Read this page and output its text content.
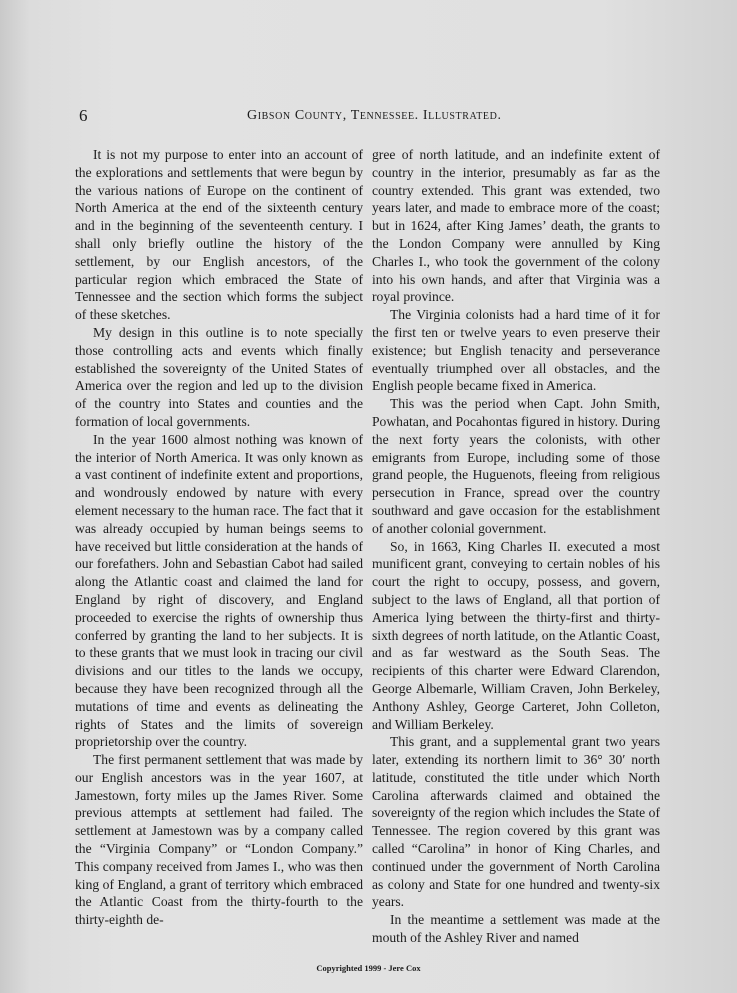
6	Gibson County, Tennessee. Illustrated.

It is not my purpose to enter into an account of the explorations and settlements that were begun by the various nations of Europe on the continent of North America at the end of the sixteenth century and in the beginning of the seventeenth century. I shall only briefly outline the history of the settlement, by our English ancestors, of the particular region which embraced the State of Tennessee and the section which forms the subject of these sketches.

My design in this outline is to note specially those controlling acts and events which finally established the sovereignty of the United States of America over the region and led up to the division of the country into States and counties and the formation of local governments.

In the year 1600 almost nothing was known of the interior of North America. It was only known as a vast continent of indefinite extent and proportions, and wondrously endowed by nature with every element necessary to the human race. The fact that it was already occupied by human beings seems to have received but little consideration at the hands of our forefathers. John and Sebastian Cabot had sailed along the Atlantic coast and claimed the land for England by right of discovery, and England proceeded to exercise the rights of ownership thus conferred by granting the land to her subjects. It is to these grants that we must look in tracing our civil divisions and our titles to the lands we occupy, because they have been recognized through all the mutations of time and events as delineating the rights of States and the limits of sovereign proprietorship over the country.

The first permanent settlement that was made by our English ancestors was in the year 1607, at Jamestown, forty miles up the James River. Some previous attempts at settlement had failed. The settlement at Jamestown was by a company called the “Virginia Company” or “London Company.” This company received from James I., who was then king of England, a grant of territory which embraced the Atlantic Coast from the thirty-fourth to the thirty-eighth de-

gree of north latitude, and an indefinite extent of country in the interior, presumably as far as the country extended. This grant was extended, two years later, and made to embrace more of the coast; but in 1624, after King James’ death, the grants to the London Company were annulled by King Charles I., who took the government of the colony into his own hands, and after that Virginia was a royal province.

The Virginia colonists had a hard time of it for the first ten or twelve years to even preserve their existence; but English tenacity and perseverance eventually triumphed over all obstacles, and the English people became fixed in America.

This was the period when Capt. John Smith, Powhatan, and Pocahontas figured in history. During the next forty years the colonists, with other emigrants from Europe, including some of those grand people, the Huguenots, fleeing from religious persecution in France, spread over the country southward and gave occasion for the establishment of another colonial government.

So, in 1663, King Charles II. executed a most munificent grant, conveying to certain nobles of his court the right to occupy, possess, and govern, subject to the laws of England, all that portion of America lying between the thirty-first and thirty-sixth degrees of north latitude, on the Atlantic Coast, and as far westward as the South Seas. The recipients of this charter were Edward Clarendon, George Albemarle, William Craven, John Berkeley, Anthony Ashley, George Carteret, John Colleton, and William Berkeley.

This grant, and a supplemental grant two years later, extending its northern limit to 36° 30′ north latitude, constituted the title under which North Carolina afterwards claimed and obtained the sovereignty of the region which includes the State of Tennessee. The region covered by this grant was called “Carolina” in honor of King Charles, and continued under the government of North Carolina as colony and State for one hundred and twenty-six years.

In the meantime a settlement was made at the mouth of the Ashley River and named

Copyrighted 1999 - Jere Cox
